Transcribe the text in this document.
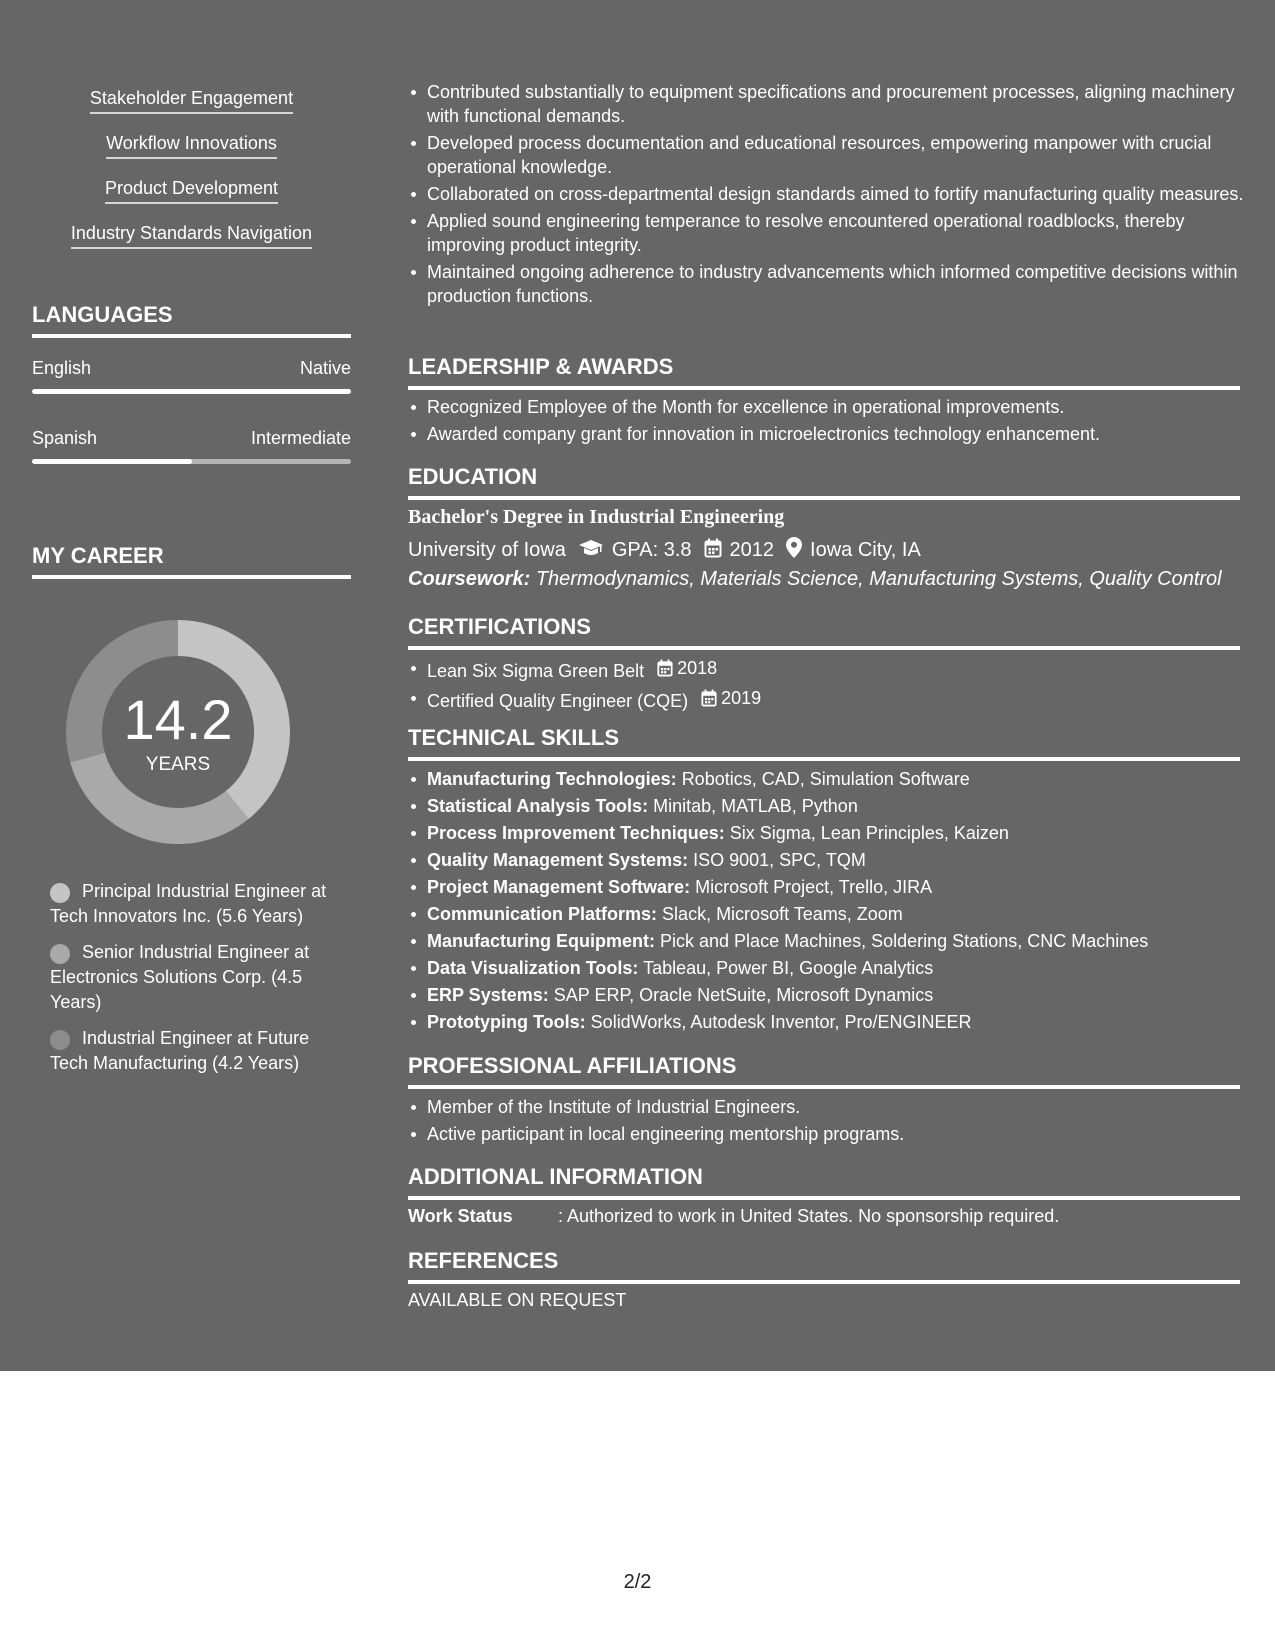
Stakeholder Engagement
Workflow Innovations
Product Development
Industry Standards Navigation
LANGUAGES
English	Native
Spanish	Intermediate
MY CAREER
14.2
YEARS
Principal Industrial Engineer at Tech Innovators Inc. (5.6 Years)
Senior Industrial Engineer at Electronics Solutions Corp. (4.5 Years)
Industrial Engineer at Future Tech Manufacturing (4.2 Years)
Contributed substantially to equipment specifications and procurement processes, aligning machinery with functional demands.
Developed process documentation and educational resources, empowering manpower with crucial operational knowledge.
Collaborated on cross-departmental design standards aimed to fortify manufacturing quality measures.
Applied sound engineering temperance to resolve encountered operational roadblocks, thereby improving product integrity.
Maintained ongoing adherence to industry advancements which informed competitive decisions within production functions.
LEADERSHIP & AWARDS
Recognized Employee of the Month for excellence in operational improvements.
Awarded company grant for innovation in microelectronics technology enhancement.
EDUCATION
Bachelor's Degree in Industrial Engineering
University of Iowa GPA: 3.8 2012 Iowa City, IA
Coursework: Thermodynamics, Materials Science, Manufacturing Systems, Quality Control
CERTIFICATIONS
Lean Six Sigma Green Belt 2018
Certified Quality Engineer (CQE) 2019
TECHNICAL SKILLS
Manufacturing Technologies: Robotics, CAD, Simulation Software
Statistical Analysis Tools: Minitab, MATLAB, Python
Process Improvement Techniques: Six Sigma, Lean Principles, Kaizen
Quality Management Systems: ISO 9001, SPC, TQM
Project Management Software: Microsoft Project, Trello, JIRA
Communication Platforms: Slack, Microsoft Teams, Zoom
Manufacturing Equipment: Pick and Place Machines, Soldering Stations, CNC Machines
Data Visualization Tools: Tableau, Power BI, Google Analytics
ERP Systems: SAP ERP, Oracle NetSuite, Microsoft Dynamics
Prototyping Tools: SolidWorks, Autodesk Inventor, Pro/ENGINEER
PROFESSIONAL AFFILIATIONS
Member of the Institute of Industrial Engineers.
Active participant in local engineering mentorship programs.
ADDITIONAL INFORMATION
Work Status	: Authorized to work in United States. No sponsorship required.
REFERENCES
AVAILABLE ON REQUEST
2/2
